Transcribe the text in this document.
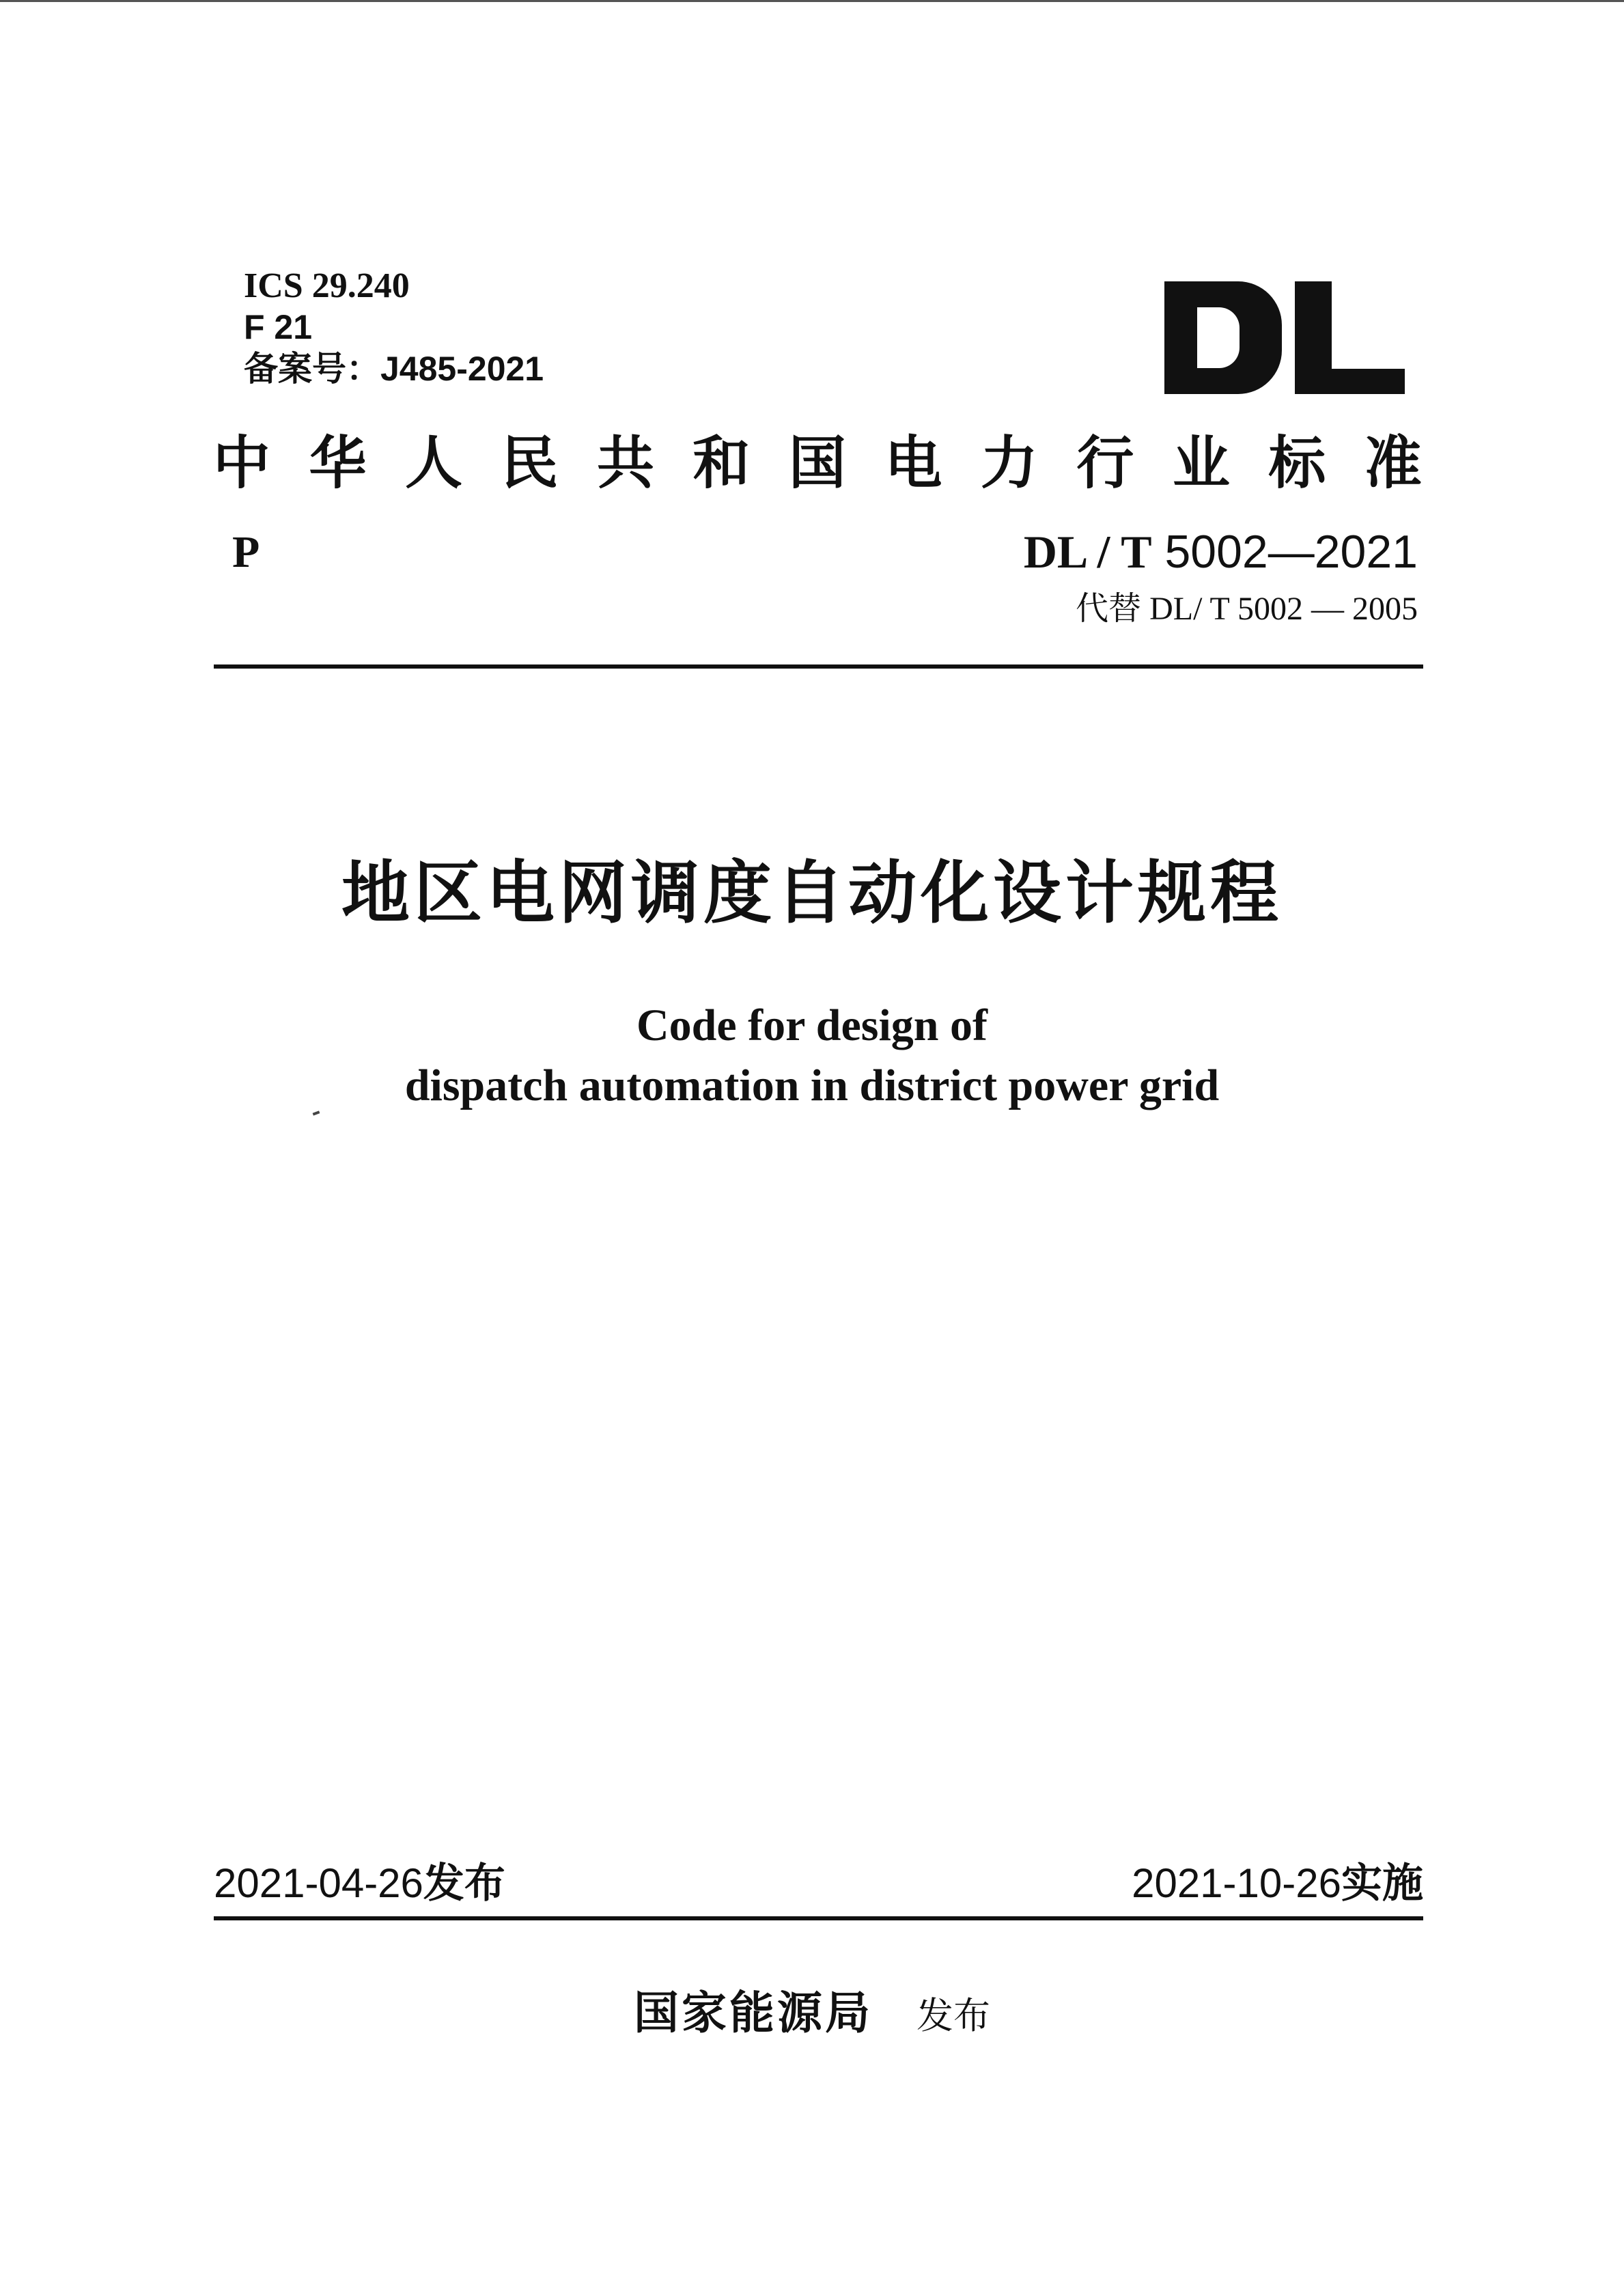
ICS 29.240
F 21
备案号：J485-2021
中 华 人 民 共 和 国 电 力 行 业 标 准
P	DL / T 5002—2021
代替 DL/ T 5002 — 2005
地区电网调度自动化设计规程
Code for design of
dispatch automation in district power grid
2021-04-26发布	2021-10-26实施
国家能源局 发布
